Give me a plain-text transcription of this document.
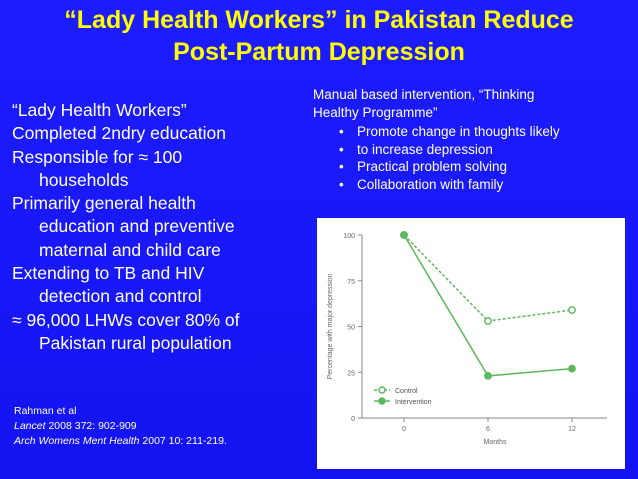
“Lady Health Workers” in Pakistan Reduce
Post-Partum Depression
“Lady Health Workers”
Completed 2ndry education
Responsible for ≈ 100
households
Primarily general health
education and preventive
maternal and child care
Extending to TB and HIV
detection and control
≈ 96,000 LHWs cover 80% of
Pakistan rural population
Rahman et al
Lancet 2008 372: 902-909
Arch Womens Ment Health 2007 10: 211-219.
Manual based intervention, “Thinking
Healthy Programme”
• Promote change in thoughts likely
• to increase depression
• Practical problem solving
• Collaboration with family
0
25
50
75
100
0	6	12
Months
Percentage with major depression
Control
Intervention
